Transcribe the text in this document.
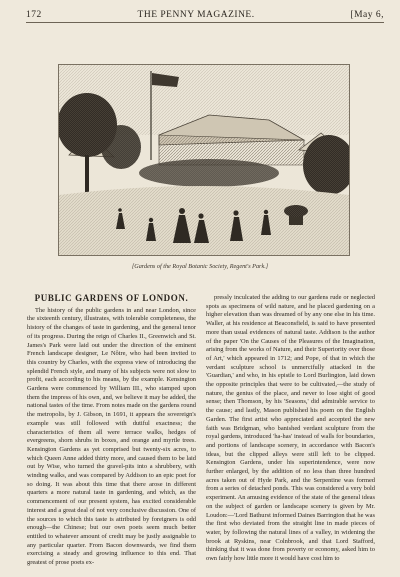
172	THE PENNY MAGAZINE.	[May 6,
[Gardens of the Royal Botanic Society, Regent's Park.]
PUBLIC GARDENS OF LONDON.

The history of the public gardens in and near London, since the sixteenth century, illustrates, with tolerable completeness, the history of the changes of taste in gardening, and the general tenor of its progress. During the reign of Charles II., Greenwich and St. James's Park were laid out under the direction of the eminent French landscape designer, Le Nôtre, who had been invited to this country by Charles, with the express view of introducing the splendid French style, and many of his subjects were not slow to profit, each according to his means, by the example. Kensington Gardens were commenced by William III., who stamped upon them the impress of his own, and, we believe it may be added, the national tastes of the time. From notes made on the gardens round the metropolis, by J. Gibson, in 1691, it appears the sovereign's example was still followed with dutiful exactness; the characteristics of them all were terrace walks, hedges of evergreens, shorn shrubs in boxes, and orange and myrtle trees. Kensington Gardens as yet comprised but twenty-six acres, to which Queen Anne added thirty more, and caused them to be laid out by Wise, who turned the gravel-pits into a shrubbery, with winding walks, and was compared by Addison to an epic poet for so doing. It was about this time that there arose in different quarters a more natural taste in gardening, and which, as the commencement of our present system, has excited considerable interest and a great deal of not very conclusive discussion. One of the sources to which this taste is attributed by foreigners is odd enough—the Chinese; but our own poets seem much better entitled to whatever amount of credit may be justly assignable to any particular quarter. From Bacon downwards, we find them exercising a steady and growing influence to this end. That greatest of prose poets ex-

pressly inculcated the adding to our gardens rude or neglected spots as specimens of wild nature, and he placed gardening on a higher elevation than was dreamed of by any one else in his time. Waller, at his residence at Beaconsfield, is said to have presented more than usual evidences of natural taste. Addison is the author of the paper 'On the Causes of the Pleasures of the Imagination, arising from the works of Nature, and their Superiority over those of Art,' which appeared in 1712; and Pope, of that in which the verdant sculpture school is unmercifully attacked in the 'Guardian,' and who, in his epistle to Lord Burlington, laid down the opposite principles that were to be cultivated,—the study of nature, the genius of the place, and never to lose sight of good sense; then Thomson, by his 'Seasons,' did admirable service to the cause; and lastly, Mason published his poem on the English Garden. The first artist who appreciated and accepted the new faith was Bridgman, who banished verdant sculpture from the royal gardens, introduced 'ha-has' instead of walls for boundaries, and portions of landscape scenery, in accordance with Bacon's ideas, but the clipped alleys were still left to be clipped. Kensington Gardens, under his superintendence, were now further enlarged, by the addition of no less than three hundred acres taken out of Hyde Park, and the Serpentine was formed from a series of detached ponds. This was considered a very bold experiment. An amusing evidence of the state of the general ideas on the subject of garden or landscape scenery is given by Mr. Loudon:—'Lord Bathurst informed Daines Barrington that he was the first who deviated from the straight line in made pieces of water, by following the natural lines of a valley, in widening the brook at Ryskins, near Colnbrook, and that Lord Stafford, thinking that it was done from poverty or economy, asked him to own fairly how little more it would have cost him to
